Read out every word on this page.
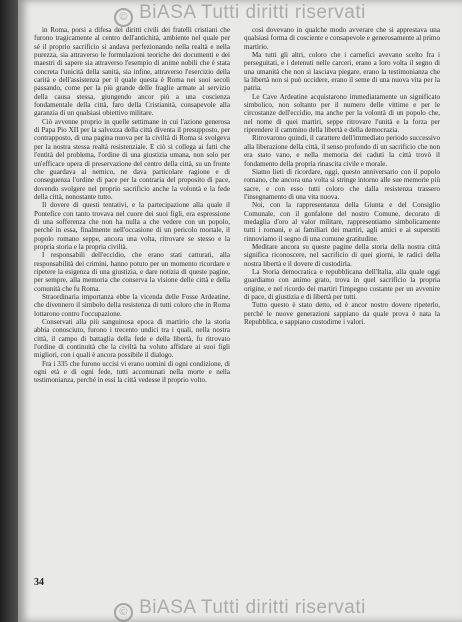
© BiASA Tutti diritti riservati

in Roma, porsi a difesa dei diritti civili dei fratelli cristiani che furono tragicamente al centro dell'antichità, ambiente nel quale per sé il proprio sacrificio si andava perfezionando nella realtà e nella purezza, sia attraverso le formulazioni teoriche dei documenti e dei maestri di sapere sia attraverso l'esempio di anime nobili che è stata concreta l'unicità della sanità, sia infine, attraverso l'esercizio della carità e dell'assistenza per il quale questa è Roma nei suoi secoli passando, come per la più grande delle fraglie armate al servizio della causa stessa, giungendo ancor più a una coscienza fondamentale della città, faro della Cristianità, consapevole alla garanzia di un qualsiasi obiettivo militare.

Ciò avvenne proprio in quelle settimane in cui l'azione generosa di Papa Pio XII per la salvezza della città diventa il presupposto, per contrapposto, di una pagina nuova per la civiltà di Roma si svolgeva per la nostra stessa realtà resistenziale. E ciò si collega ai fatti che l'entità del problema, l'ordine di una giustizia umana, non solo per un'efficace opera di preservazione del centro della città, su un fronte che guardava al nemico, ne dava particolare ragione e di conseguenza l'ordine di pace per la contraria del proposito di pace, dovendo svolgere nel proprio sacrificio anche la volontà e la fede della città, nonostante tutto.

Il dovere di questi tentativi, e la partecipazione alla quale il Pontefice con tanto trovava nel cuore dei suoi figli, era espressione di una sofferenza che non ha nulla a che vedere con un popolo, perché in essa, finalmente nell'occasione di un pericolo mortale, il popolo romano seppe, ancora una volta, ritrovare se stesso e la propria storia e la propria civiltà.

I responsabili dell'eccidio, che erano stati catturati, alla responsabilità dei crimini, hanno potuto per un momento ricordare e ripetere la esigenza di una giustizia, e dare notizia di queste pagine, per sempre, alla memoria che conserva la visione delle città e della comunità che fu Roma.

Straordinaria importanza ebbe la vicenda delle Fosse Ardeatine, che divennero il simbolo della resistenza di tutti coloro che in Roma lottarono contro l'occupazione.

Conservati alla più sanguinosa epoca di martirio che la storia abbia conosciuto, furono i trecento undici tra i quali, nella nostra città, il campo di battaglia della fede e della libertà, fu ritrovato l'ordine di continuità che la civiltà ha voluto affidare ai suoi figli migliori, con i quali è ancora possibile il dialogo.

Fra i 335 che furono uccisi vi erano uomini di ogni condizione, di ogni età e di ogni fede, tutti accomunati nella morte e nella testimonianza, perché in essi la città vedesse il proprio volto.

così dovevano in qualche modo avverare che si apprestava una qualsiasi forma di cosciente e consapevole e generosamente al primo martirio.

Ma tutti gli altri, coloro che i carnefici avevano scelto fra i perseguitati, e i detenuti nelle carceri, erano a loro volta il segno di una umanità che non si lasciava piegare, erano la testimonianza che la libertà non si può uccidere, erano il seme di una nuova vita per la patria.

Le Cave Ardeatine acquistarono immediatamente un significato simbolico, non soltanto per il numero delle vittime e per le circostanze dell'eccidio, ma anche per la volontà di un popolo che, nel nome di quei martiri, seppe ritrovare l'unità e la forza per riprendere il cammino della libertà e della democrazia.

Ritrovarono quindi, il carattere dell'immediato periodo successivo alla liberazione della città, il senso profondo di un sacrificio che non era stato vano, e nella memoria dei caduti la città trovò il fondamento della propria rinascita civile e morale.

Siamo lieti di ricordare, oggi, questo anniversario con il popolo romano, che ancora una volta si stringe intorno alle sue memorie più sacre, e con esso tutti coloro che dalla resistenza trassero l'insegnamento di una vita nuova.

Noi, con la rappresentanza della Giunta e del Consiglio Comunale, con il gonfalone del nostro Comune, decorato di medaglia d'oro al valor militare, rappresentiamo simbolicamente tutti i romani, e ai familiari dei martiri, agli amici e ai superstiti rinnoviamo il segno di una comune gratitudine.

Meditare ancora su queste pagine della storia della nostra città significa riconoscere, nel sacrificio di quei giorni, le radici della nostra libertà e il dovere di custodirla.

La Storia democratica e repubblicana dell'Italia, alla quale oggi guardiamo con animo grato, trova in quel sacrificio la propria origine, e nel ricordo dei martiri l'impegno costante per un avvenire di pace, di giustizia e di libertà per tutti.

Tutto questo è stato detto, ed è ancor nostro dovere ripeterlo, perché le nuove generazioni sappiano da quale prova è nata la Repubblica, e sappiano custodirne i valori.

34
© BiASA Tutti diritti riservati
